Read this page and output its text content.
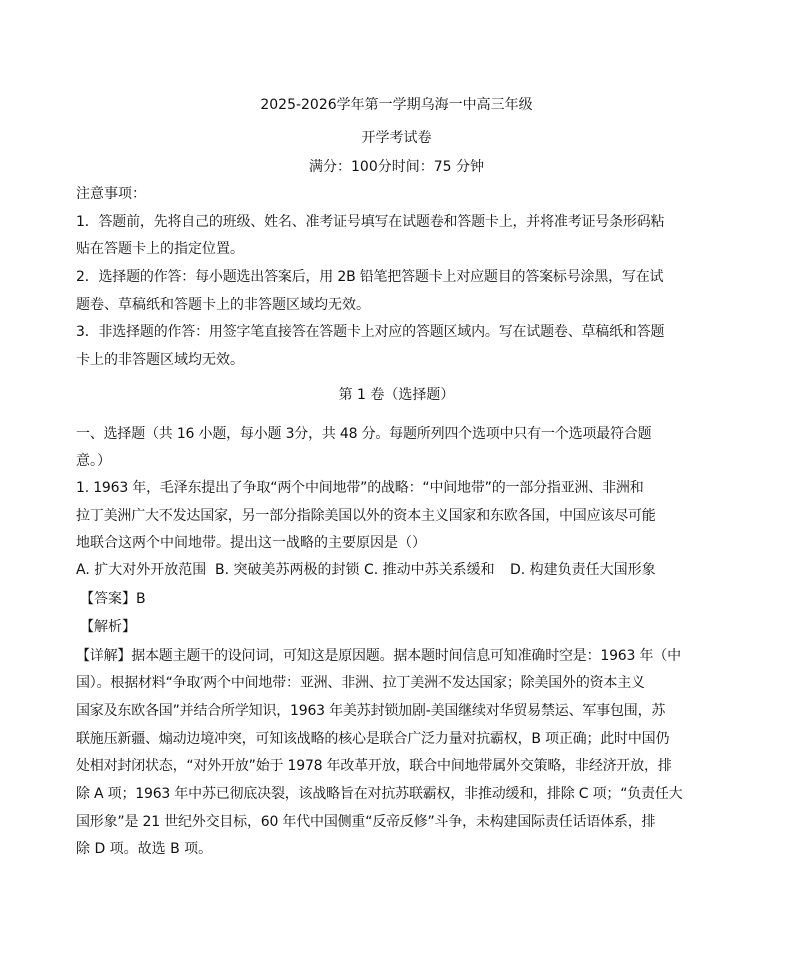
2025-2026学年第一学期乌海一中高三年级
开学考试卷
满分：100分时间：75 分钟
注意事项：
1．答题前，先将自己的班级、姓名、准考证号填写在试题卷和答题卡上，并将准考证号条形码粘
贴在答题卡上的指定位置。
2．选择题的作答：每小题选出答案后，用 2B 铅笔把答题卡上对应题目的答案标号涂黑，写在试
题卷、草稿纸和答题卡上的非答题区域均无效。
3．非选择题的作答：用签字笔直接答在答题卡上对应的答题区域内。写在试题卷、草稿纸和答题
卡上的非答题区域均无效。
第 1 卷（选择题）
一、选择题（共 16 小题，每小题 3分，共 48 分。每题所列四个选项中只有一个选项最符合题
意。）
1. 1963 年，毛泽东提出了争取“两个中间地带”的战略：“中间地带”的一部分指亚洲、非洲和
拉丁美洲广大不发达国家，另一部分指除美国以外的资本主义国家和东欧各国，中国应该尽可能
地联合这两个中间地带。提出这一战略的主要原因是（）
A. 扩大对外开放范围 B. 突破美苏两极的封锁 C. 推动中苏关系缓和 D. 构建负责任大国形象
【答案】B
【解析】
【详解】据本题主题干的设问词，可知这是原因题。据本题时间信息可知准确时空是：1963 年（中
国）。根据材料“争取′两个中间地带：亚洲、非洲、拉丁美洲不发达国家；除美国外的资本主义
国家及东欧各国”并结合所学知识，1963 年美苏封锁加剧-美国继续对华贸易禁运、军事包围，苏
联施压新疆、煽动边境冲突，可知该战略的核心是联合广泛力量对抗霸权，B 项正确；此时中国仍
处相对封闭状态，“对外开放”始于 1978 年改革开放，联合中间地带属外交策略，非经济开放，排
除 A 项；1963 年中苏已彻底决裂，该战略旨在对抗苏联霸权，非推动缓和，排除 C 项；“负责任大
国形象”是 21 世纪外交目标，60 年代中国侧重“反帝反修”斗争，未构建国际责任话语体系，排
除 D 项。故选 B 项。
